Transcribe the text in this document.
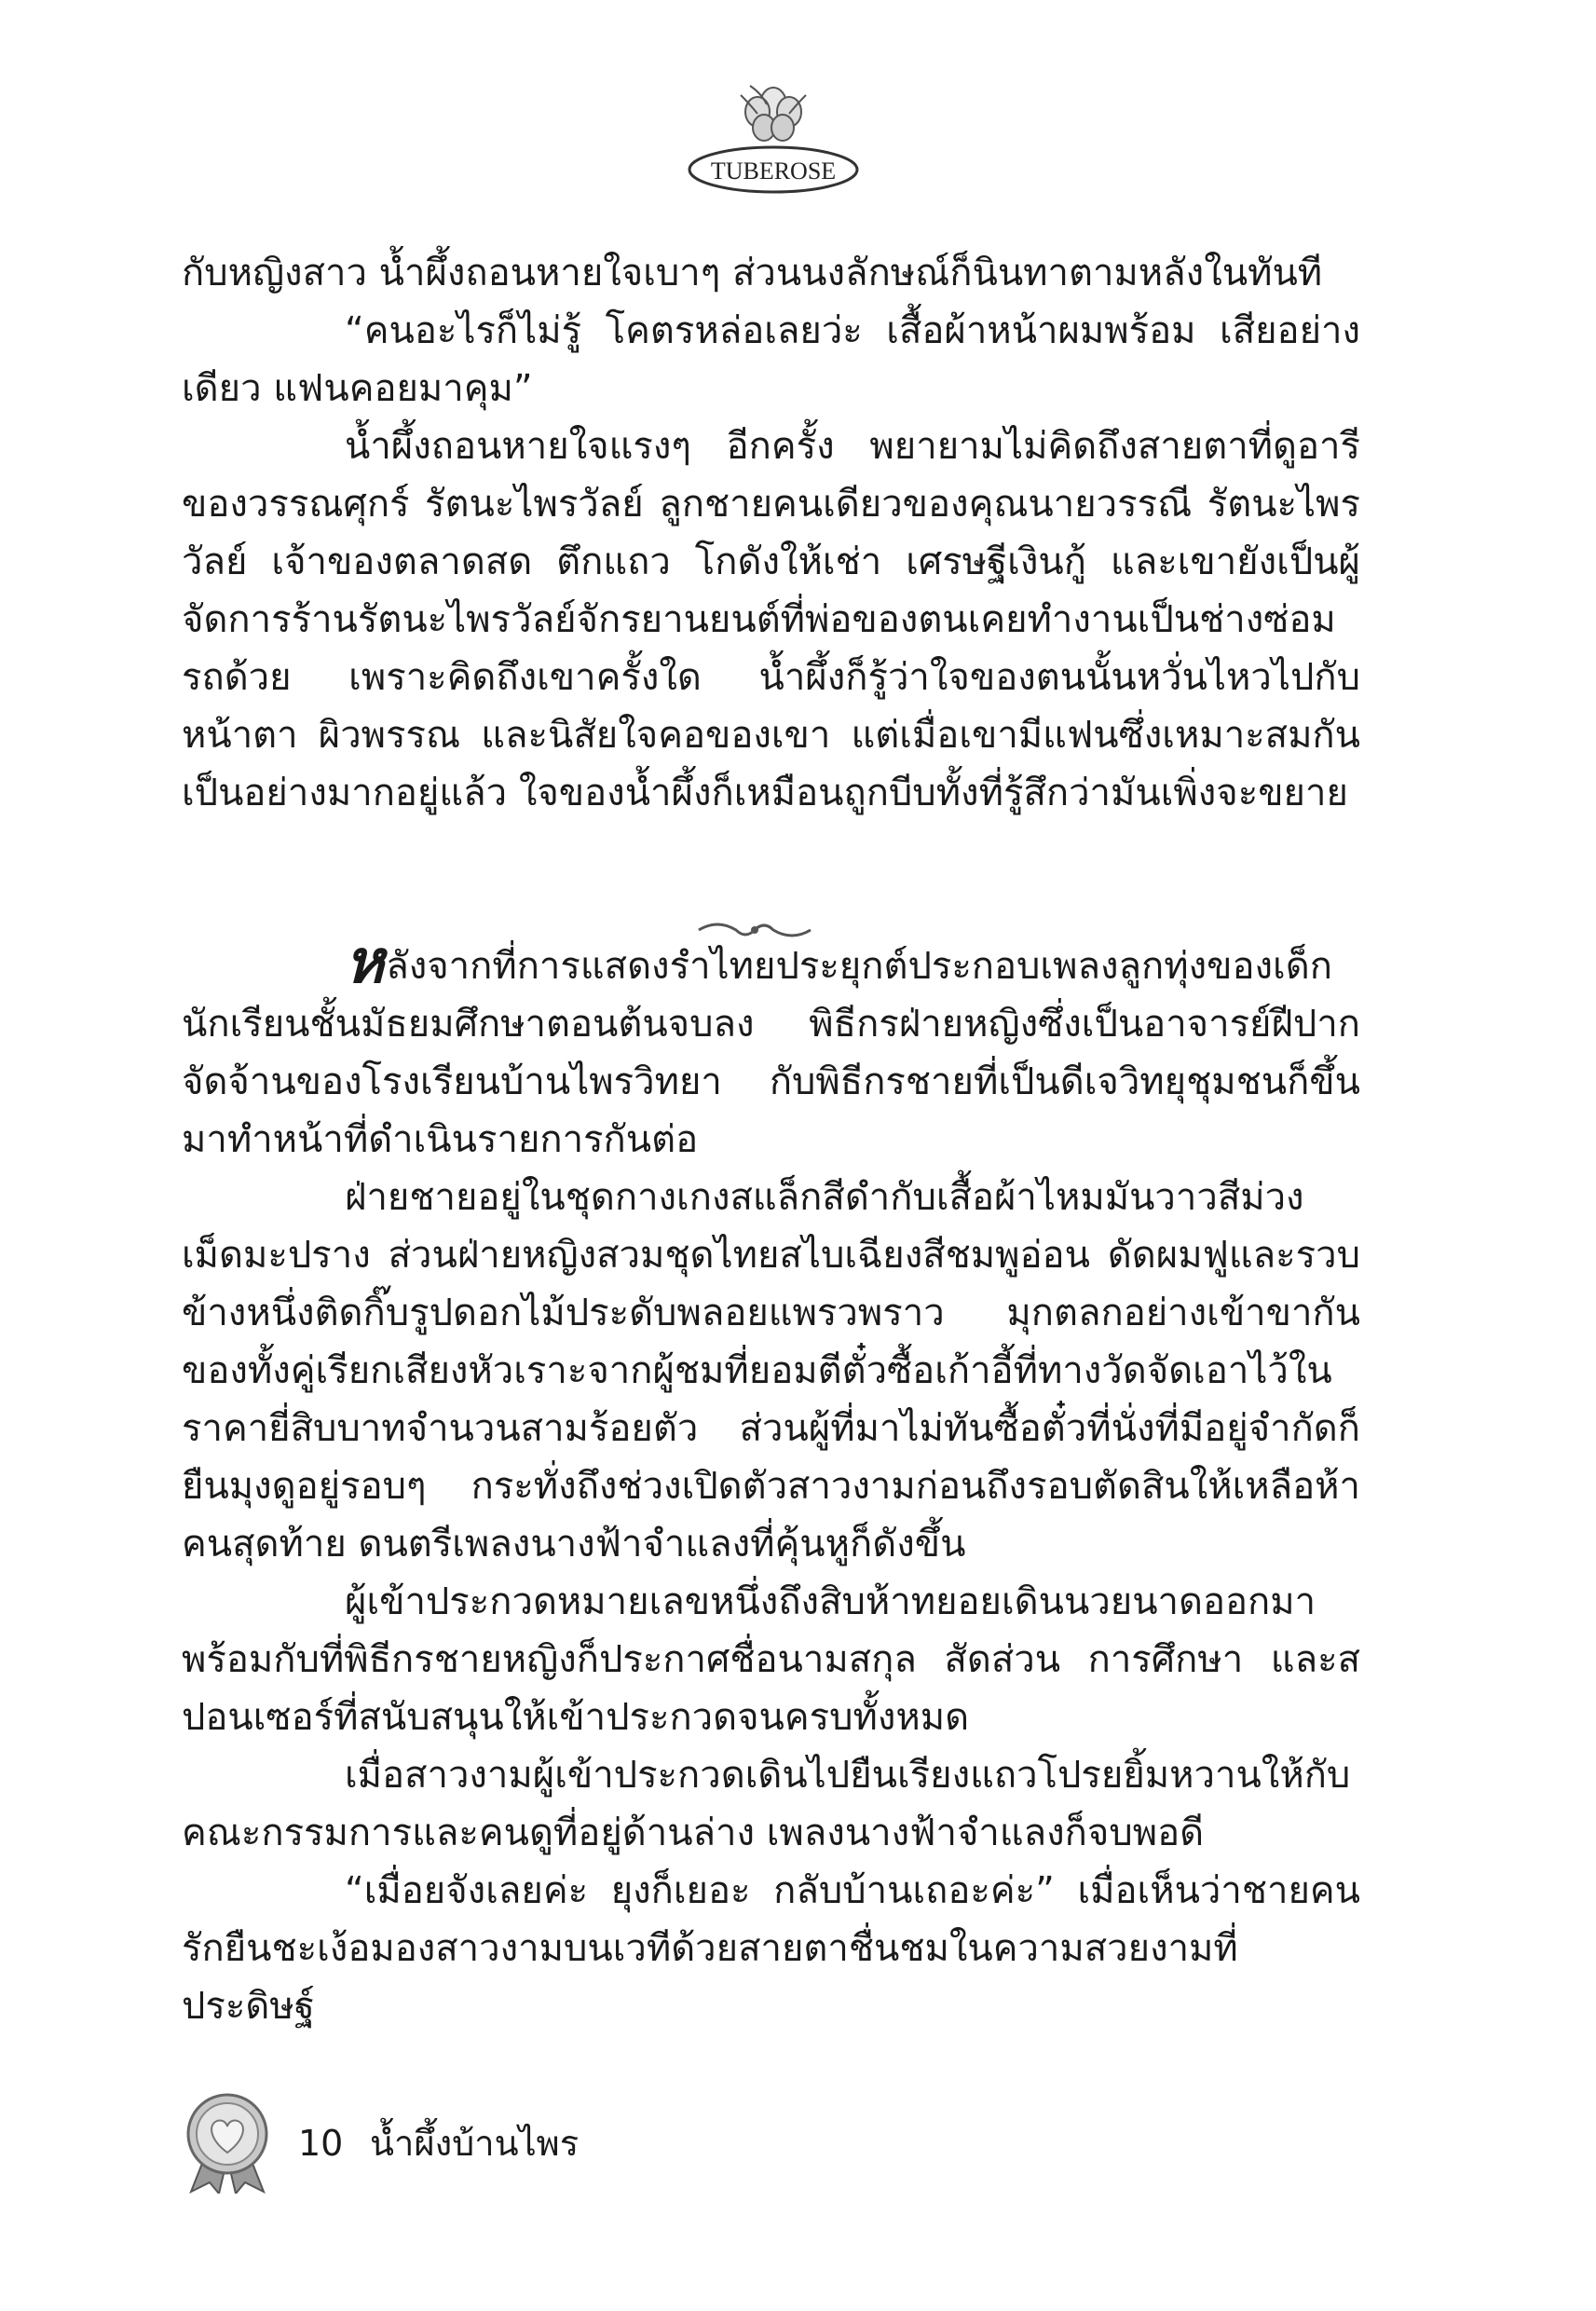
TUBEROSE

กับหญิงสาว น้ำผึ้งถอนหายใจเบาๆ ส่วนนงลักษณ์ก็นินทาตามหลังในทันที

“คนอะไรก็ไม่รู้ โคตรหล่อเลยว่ะ เสื้อผ้าหน้าผมพร้อม เสียอย่างเดียว แฟนคอยมาคุม”

น้ำผึ้งถอนหายใจแรงๆ อีกครั้ง พยายามไม่คิดถึงสายตาที่ดูอารีของวรรณศุกร์ รัตนะไพรวัลย์ ลูกชายคนเดียวของคุณนายวรรณี รัตนะไพรวัลย์ เจ้าของตลาดสด ตึกแถว โกดังให้เช่า เศรษฐีเงินกู้ และเขายังเป็นผู้จัดการร้านรัตนะไพรวัลย์จักรยานยนต์ที่พ่อของตนเคยทำงานเป็นช่างซ่อมรถด้วย เพราะคิดถึงเขาครั้งใด น้ำผึ้งก็รู้ว่าใจของตนนั้นหวั่นไหวไปกับหน้าตา ผิวพรรณ และนิสัยใจคอของเขา แต่เมื่อเขามีแฟนซึ่งเหมาะสมกันเป็นอย่างมากอยู่แล้ว ใจของน้ำผึ้งก็เหมือนถูกบีบทั้งที่รู้สึกว่ามันเพิ่งจะขยาย

หลังจากที่การแสดงรำไทยประยุกต์ประกอบเพลงลูกทุ่งของเด็กนักเรียนชั้นมัธยมศึกษาตอนต้นจบลง พิธีกรฝ่ายหญิงซึ่งเป็นอาจารย์ฝีปากจัดจ้านของโรงเรียนบ้านไพรวิทยา กับพิธีกรชายที่เป็นดีเจวิทยุชุมชนก็ขึ้นมาทำหน้าที่ดำเนินรายการกันต่อ

ฝ่ายชายอยู่ในชุดกางเกงสแล็กสีดำกับเสื้อผ้าไหมมันวาวสีม่วงเม็ดมะปราง ส่วนฝ่ายหญิงสวมชุดไทยสไบเฉียงสีชมพูอ่อน ดัดผมฟูและรวบข้างหนึ่งติดกิ๊บรูปดอกไม้ประดับพลอยแพรวพราว มุกตลกอย่างเข้าขากันของทั้งคู่เรียกเสียงหัวเราะจากผู้ชมที่ยอมตีตั๋วซื้อเก้าอี้ที่ทางวัดจัดเอาไว้ในราคายี่สิบบาทจำนวนสามร้อยตัว ส่วนผู้ที่มาไม่ทันซื้อตั๋วที่นั่งที่มีอยู่จำกัดก็ยืนมุงดูอยู่รอบๆ กระทั่งถึงช่วงเปิดตัวสาวงามก่อนถึงรอบตัดสินให้เหลือห้าคนสุดท้าย ดนตรีเพลงนางฟ้าจำแลงที่คุ้นหูก็ดังขึ้น

ผู้เข้าประกวดหมายเลขหนึ่งถึงสิบห้าทยอยเดินนวยนาดออกมาพร้อมกับที่พิธีกรชายหญิงก็ประกาศชื่อนามสกุล สัดส่วน การศึกษา และสปอนเซอร์ที่สนับสนุนให้เข้าประกวดจนครบทั้งหมด

เมื่อสาวงามผู้เข้าประกวดเดินไปยืนเรียงแถวโปรยยิ้มหวานให้กับคณะกรรมการและคนดูที่อยู่ด้านล่าง เพลงนางฟ้าจำแลงก็จบพอดี

“เมื่อยจังเลยค่ะ ยุงก็เยอะ กลับบ้านเถอะค่ะ” เมื่อเห็นว่าชายคนรักยืนชะเง้อมองสาวงามบนเวทีด้วยสายตาชื่นชมในความสวยงามที่ประดิษฐ์

10 น้ำผึ้งบ้านไพร
